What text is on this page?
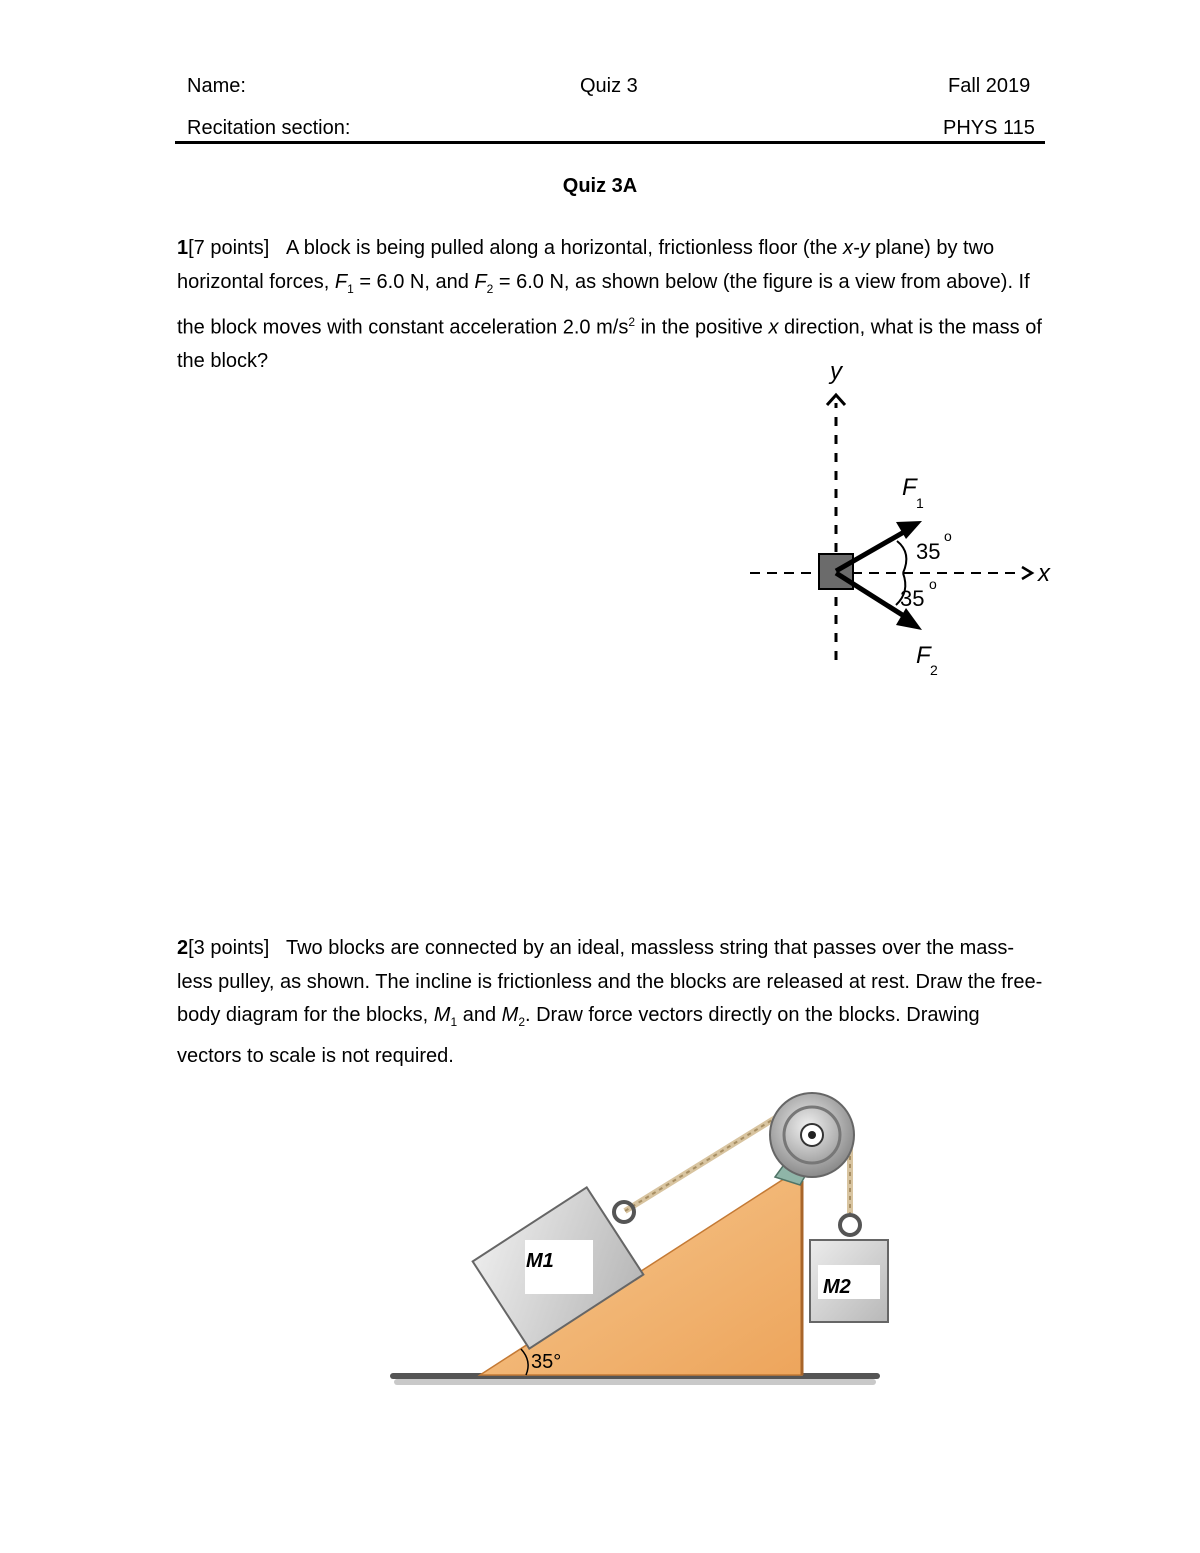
Name:	Quiz 3	Fall 2019
Recitation section:	PHYS 115
Quiz 3A
1[7 points] A block is being pulled along a horizontal, frictionless floor (the x-y plane) by two horizontal forces, $F_1 = 6.0$ N, and $F_2 = 6.0$ N, as shown below (the figure is a view from above). If the block moves with constant acceleration 2.0 $m/s^2$ in the positive x direction, what is the mass of the block?	y
x
F
1
35
o
35
o
F
2
2[3 points] Two blocks are connected by an ideal, massless string that passes over the mass-less pulley, as shown. The incline is frictionless and the blocks are released at rest. Draw the free-body diagram for the blocks, $M_1$ and $M_2$. Draw force vectors directly on the blocks. Drawing vectors to scale is not required.
M1
M2
35°
